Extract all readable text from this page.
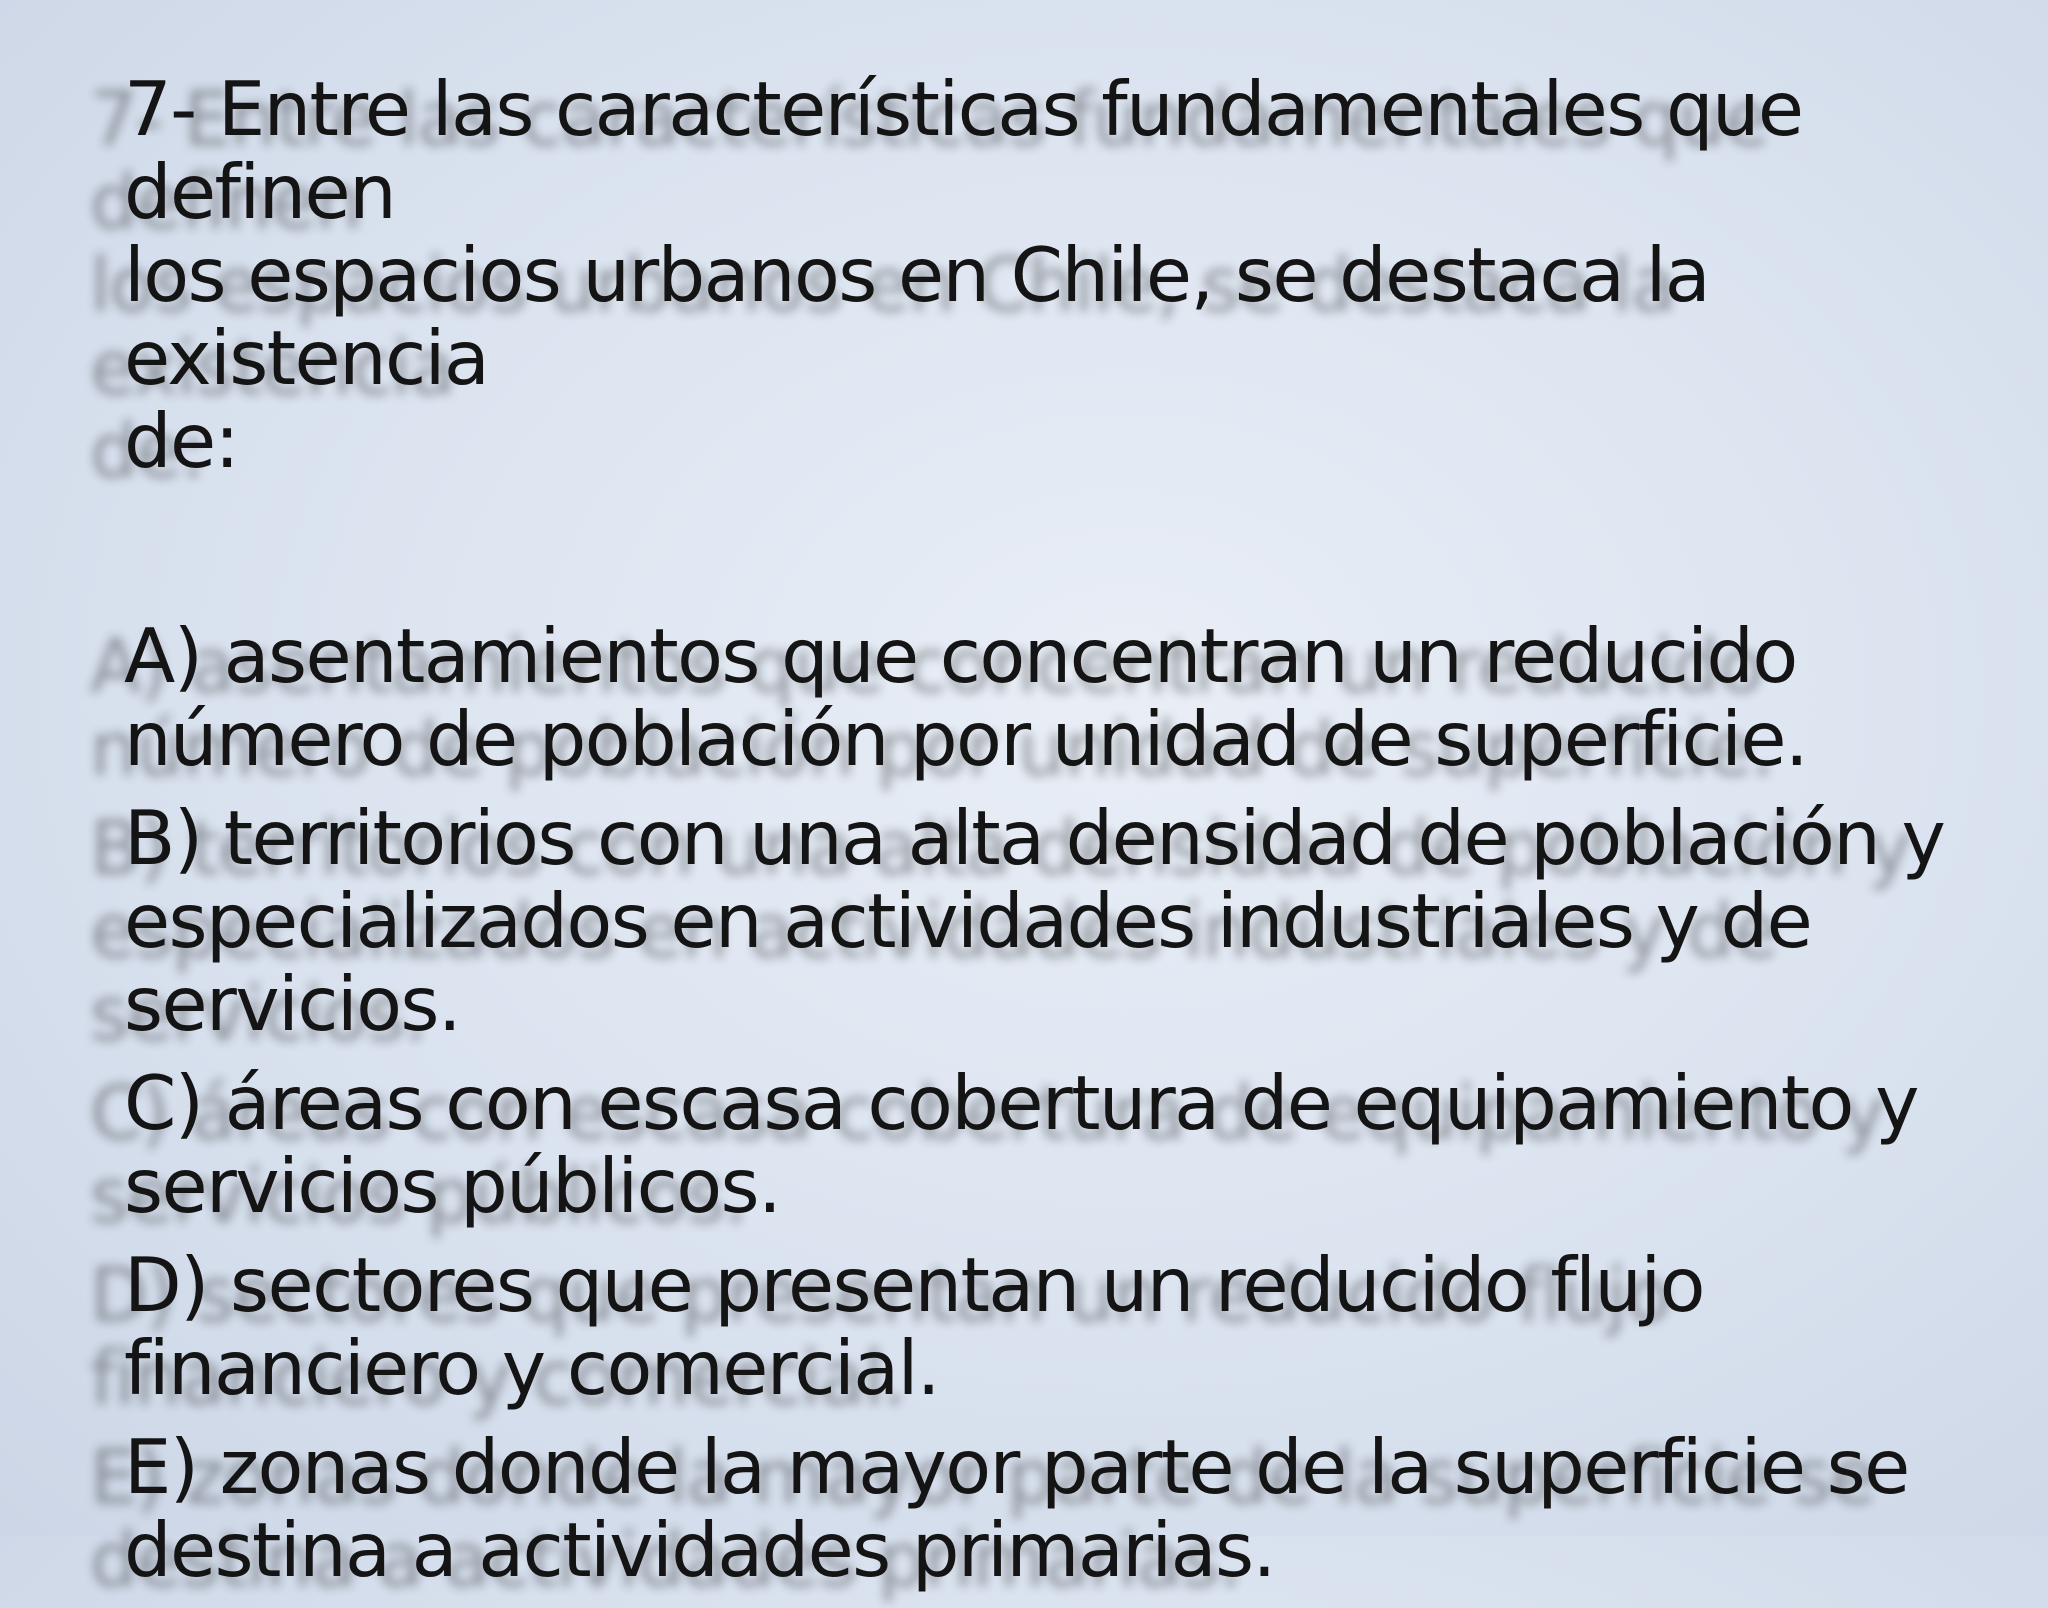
7- Entre las características fundamentales que definen
los espacios urbanos en Chile, se destaca la existencia
de:

A) asentamientos que concentran un reducido
número de población por unidad de superficie.

B) territorios con una alta densidad de población y
especializados en actividades industriales y de
servicios.

C) áreas con escasa cobertura de equipamiento y
servicios públicos.

D) sectores que presentan un reducido flujo
financiero y comercial.

E) zonas donde la mayor parte de la superficie se
destina a actividades primarias.
